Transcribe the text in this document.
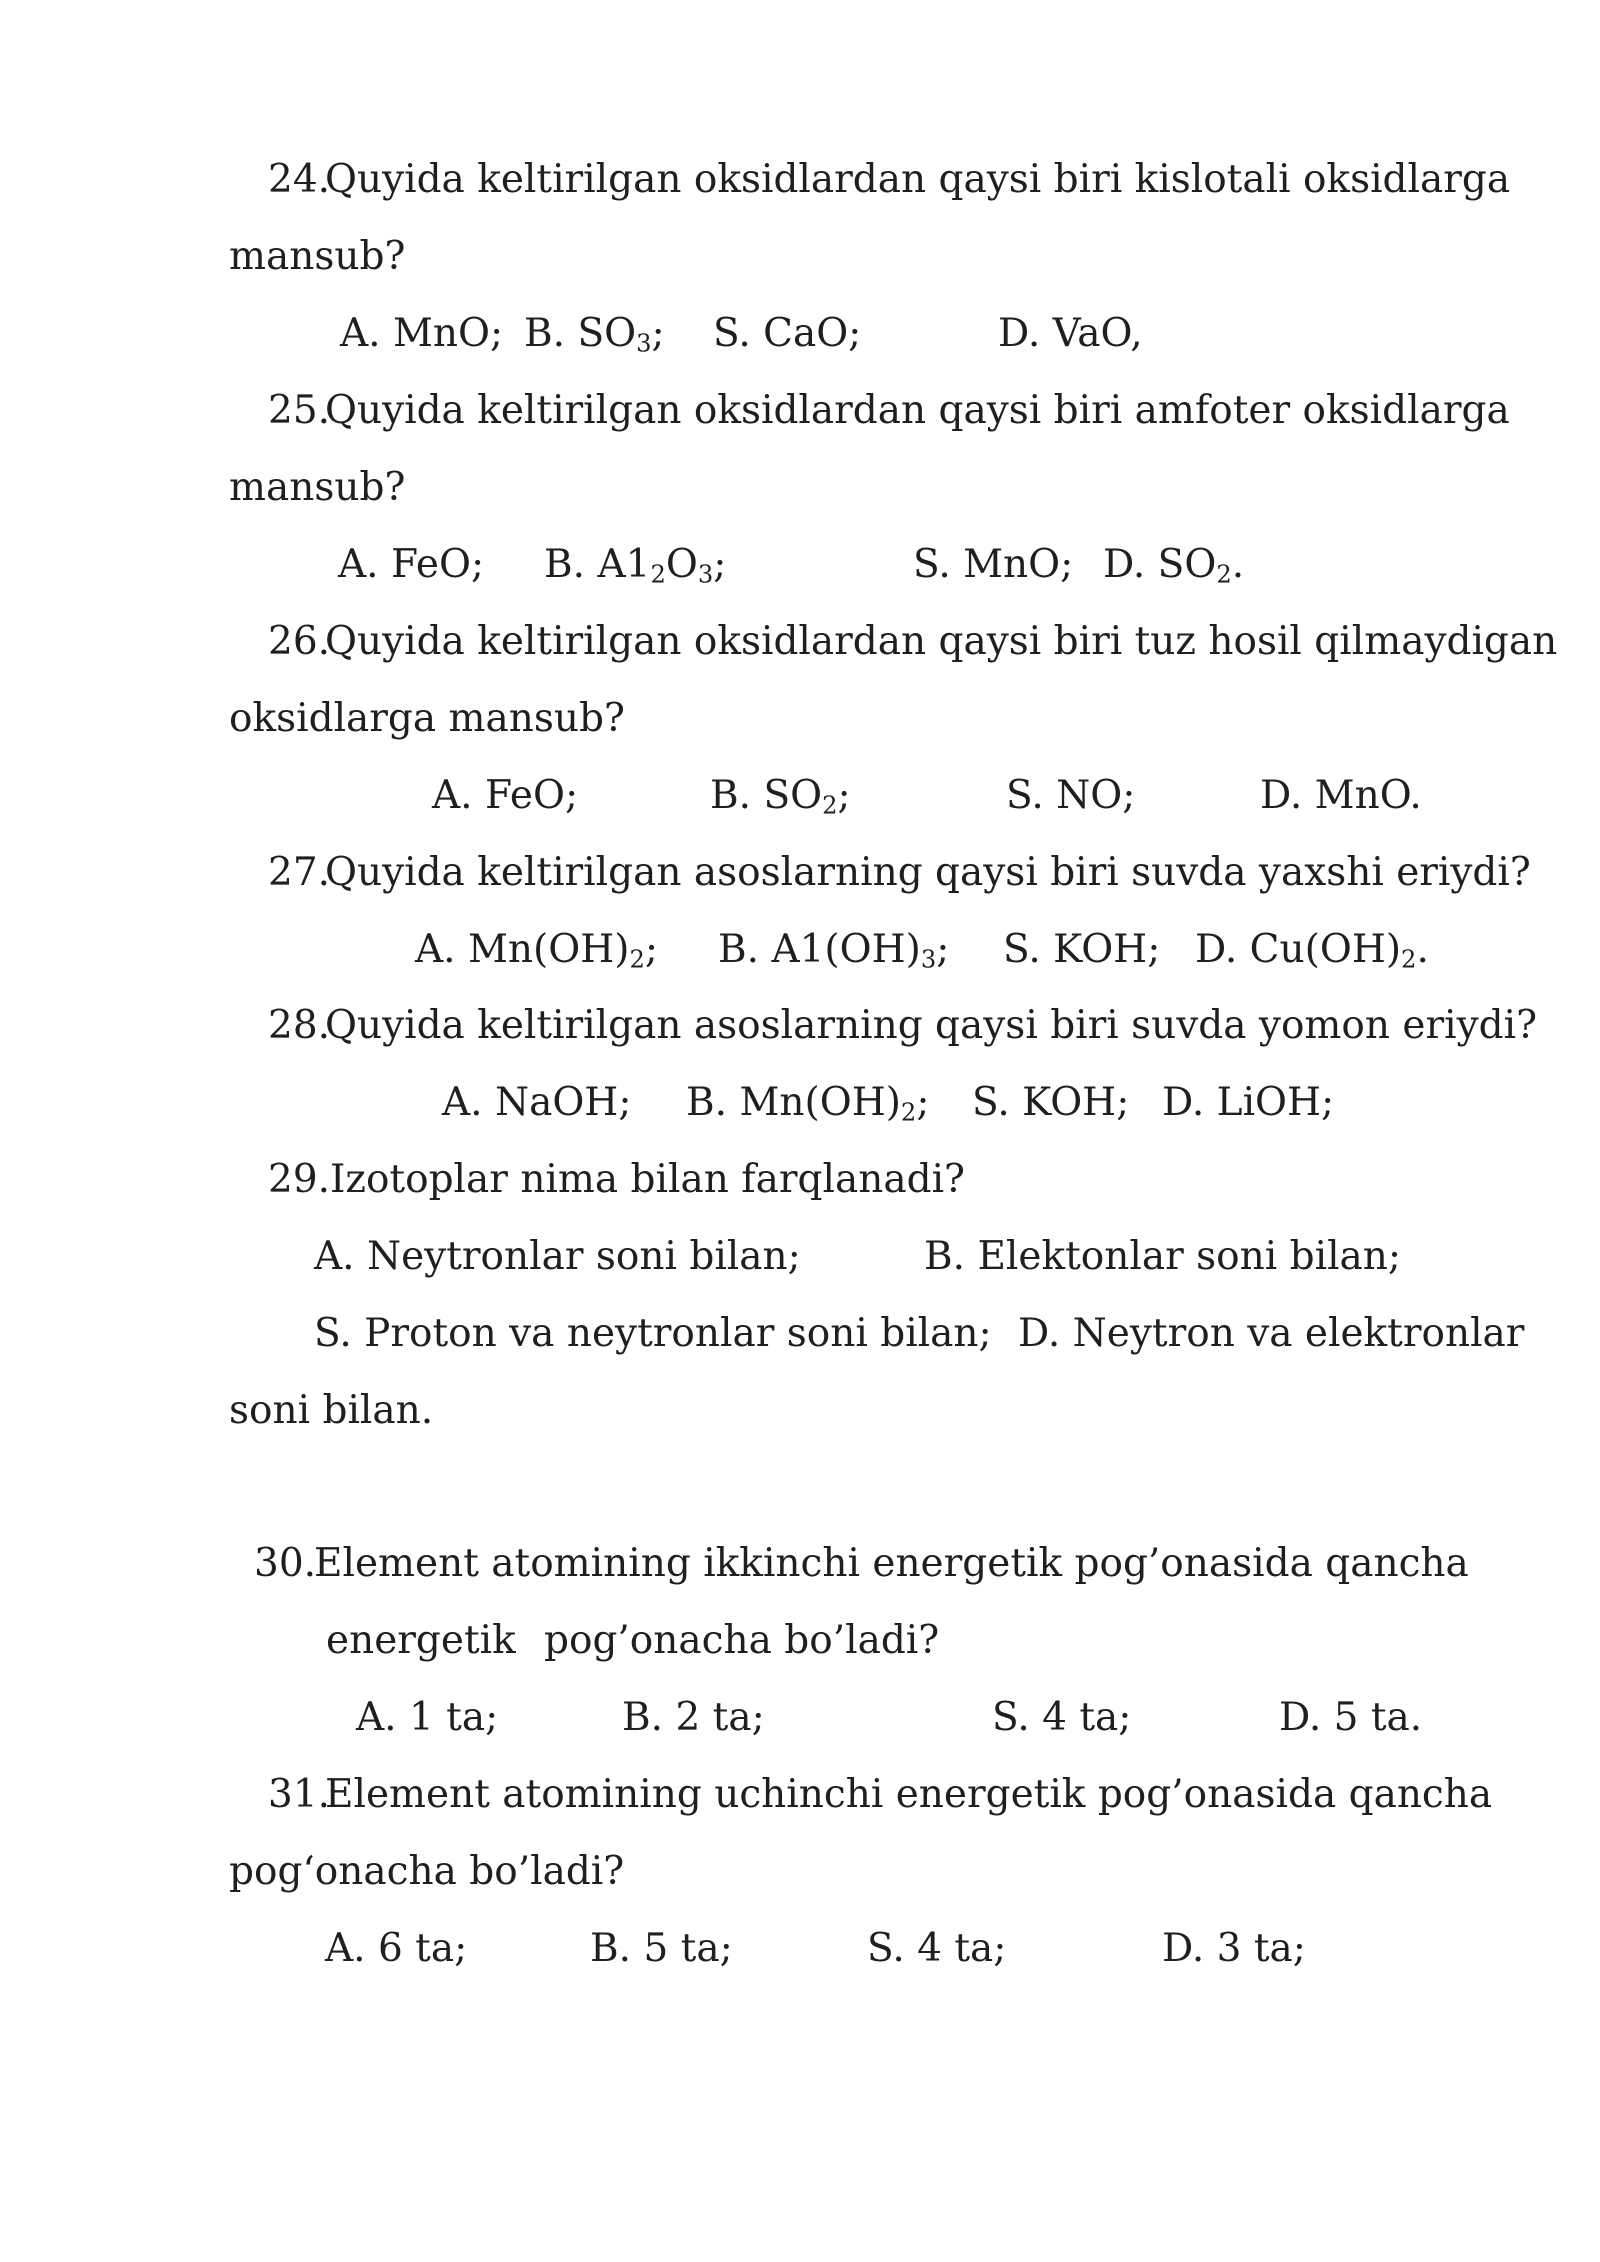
24.
Quyida keltirilgan oksidlardan qaysi biri kislotali oksidlarga
mansub?
A. MnO; B. $SO_3$; S. CaO;	D. VaO,
25.
Quyida keltirilgan oksidlardan qaysi biri amfoter oksidlarga
mansub?
A. FeO; B. $A1_2O_3$;	S. MnO; D. $SO_2$.
26.
Quyida keltirilgan oksidlardan qaysi biri tuz hosil qilmaydigan
oksidlarga mansub?
A. FeO;	B. $SO_2$;	S. NO;	D. MnO.
27.
Quyida keltirilgan asoslarning qaysi biri suvda yaxshi eriydi?
A. $Mn(OH)_2$; B. $A1(OH)_3$; S. KOH; D. $Cu(OH)_2$.
28.
Quyida keltirilgan asoslarning qaysi biri suvda yomon eriydi?
A. NaOH; B. $Mn(OH)_2$; S. KOH; D. LiOH;
29. Izotoplar nima bilan farqlanadi?
A. Neytronlar soni bilan;	B. Elektonlar soni bilan;
S. Proton va neytronlar soni bilan; D. Neytron va elektronlar
soni bilan.
30.
Element atomining ikkinchi energetik pog’onasida qancha
energetik pog’onacha bo’ladi?
A. 1 ta;	B. 2 ta;	S. 4 ta;	D. 5 ta.
31.
Element atomining uchinchi energetik pog’onasida qancha
pog‘onacha bo’ladi?
A. 6 ta;	B. 5 ta;	S. 4 ta;	D. 3 ta;
